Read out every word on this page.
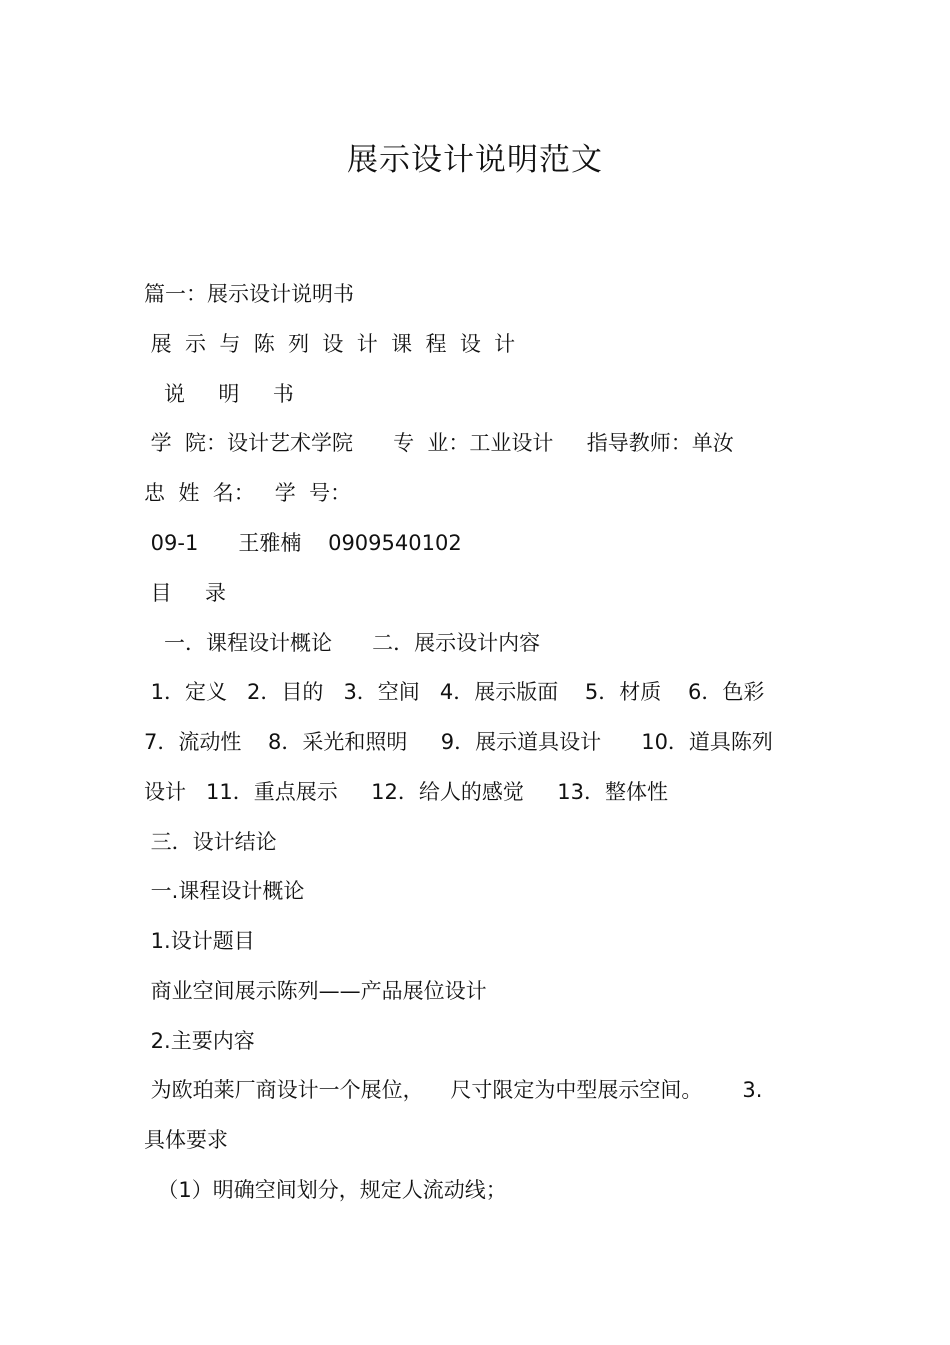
展示设计说明范文
篇一：展示设计说明书
展  示  与  陈  列  设  计  课  程  设  计
说     明     书
学  院：设计艺术学院      专  业：工业设计     指导教师：单汝
忠  姓  名：   学  号：
09-1      王雅楠    0909540102
目     录
一．课程设计概论      二．展示设计内容
1．定义   2．目的   3．空间   4．展示版面    5．材质    6．色彩
7．流动性    8．采光和照明     9．展示道具设计      10．道具陈列
设计   11．重点展示     12．给人的感觉     13．整体性
三．设计结论
一.课程设计概论
1.设计题目
商业空间展示陈列——产品展位设计
2.主要内容
为欧珀莱厂商设计一个展位，    尺寸限定为中型展示空间。      3.
具体要求
（1）明确空间划分，规定人流动线；
